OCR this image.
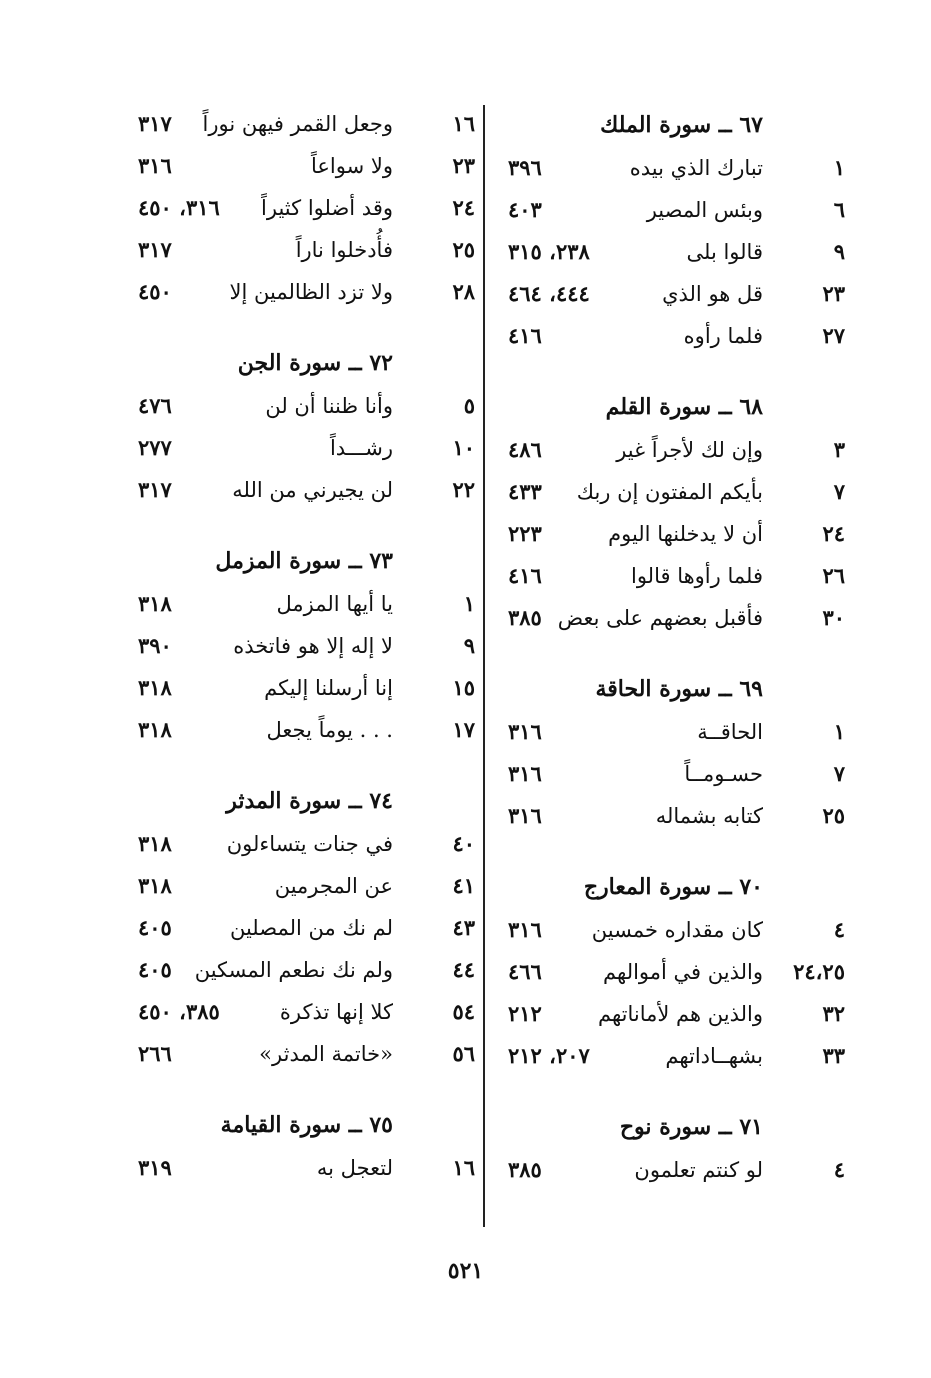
٦٧ ــ سورة الملك
١
تبارك الذي بيده
٣٩٦
٦
وبئس المصير
٤٠٣
٩
قالوا بلى
٢٣٨، ٣١٥
٢٣
قل هو الذي
٤٤٤، ٤٦٤
٢٧
فلما رأوه
٤١٦
٦٨ ــ سورة القلم
٣
وإن لك لأجراً غير
٤٨٦
٧
بأيكم المفتون إن ربك
٤٣٣
٢٤
أن لا يدخلنها اليوم
٢٢٣
٢٦
فلما رأوها قالوا
٤١٦
٣٠
فأقبل بعضهم على بعض
٣٨٥
٦٩ ــ سورة الحاقة
١
الحاقــة
٣١٦
٧
حسـومــاً
٣١٦
٢٥
كتابه بشماله
٣١٦
٧٠ ــ سورة المعارج
٤
كان مقداره خمسين
٣١٦
٢٤،٢٥
والذين في أموالهم
٤٦٦
٣٢
والذين هم لأماناتهم
٢١٢
٣٣
بشهــاداتهم
٢٠٧، ٢١٢
٧١ ــ سورة نوح
٤
لو كنتم تعلمون
٣٨٥
١٦
وجعل القمر فيهن نوراً
٣١٧
٢٣
ولا سواعاً
٣١٦
٢٤
وقد أضلوا كثيراً
٣١٦، ٤٥٠
٢٥
فأُدخلوا ناراً
٣١٧
٢٨
ولا تزد الظالمين إلا
٤٥٠
٧٢ ــ سورة الجن
٥
وأنا ظننا أن لن
٤٧٦
١٠
رشـــداً
٢٧٧
٢٢
لن يجيرني من الله
٣١٧
٧٣ ــ سورة المزمل
١
يا أيها المزمل
٣١٨
٩
لا إله إلا هو فاتخذه
٣٩٠
١٥
إنا أرسلنا إليكم
٣١٨
١٧
. . . يوماً يجعل
٣١٨
٧٤ ــ سورة المدثر
٤٠
في جنات يتساءلون
٣١٨
٤١
عن المجرمين
٣١٨
٤٣
لم نك من المصلين
٤٠٥
٤٤
ولم نك نطعم المسكين
٤٠٥
٥٤
كلا إنها تذكرة
٣٨٥، ٤٥٠
٥٦
«خاتمة المدثر»
٢٦٦
٧٥ ــ سورة القيامة
١٦
لتعجل به
٣١٩
٥٢١
